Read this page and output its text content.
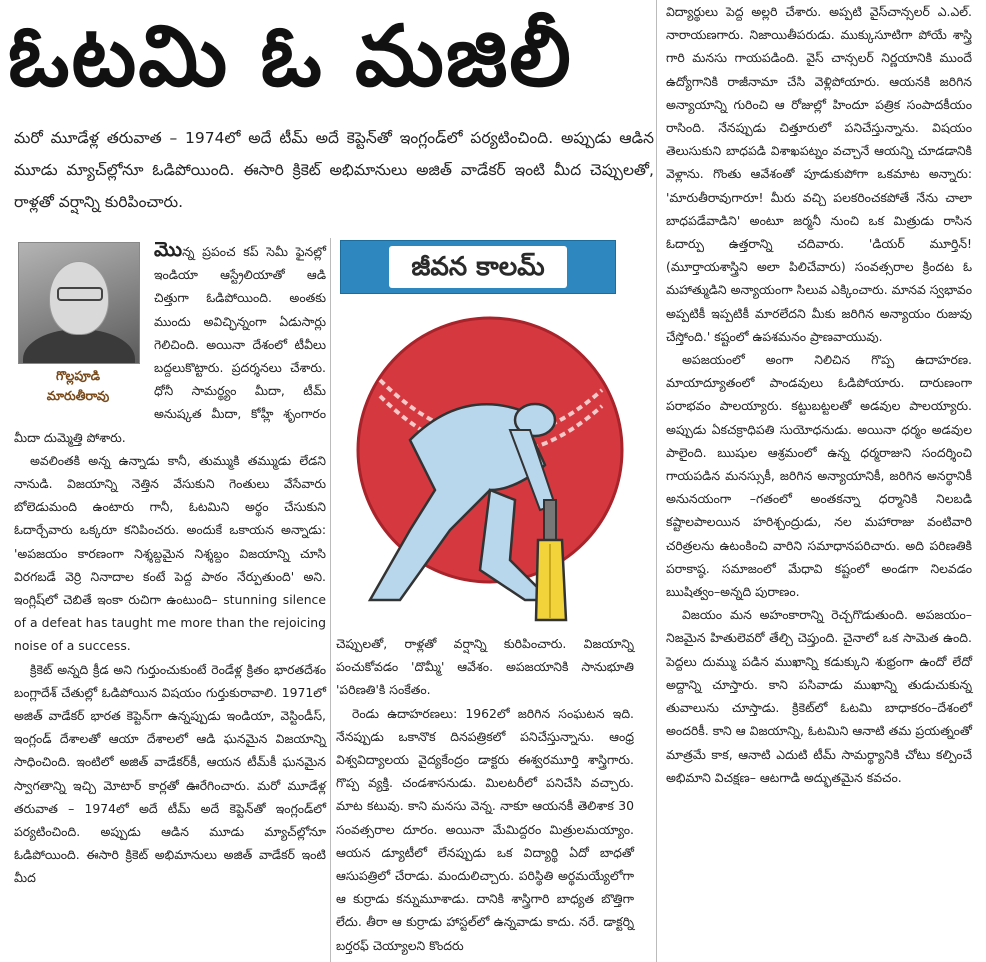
ఓటమి ఓ మజిలీ
మరో మూడేళ్ల తరువాత – 1974లో అదే టీమ్ అదే కెప్టెన్‌తో ఇంగ్లండ్‌లో పర్యటించింది. అప్పుడు ఆడిన మూడు మ్యాచ్‌ల్లోనూ ఓడిపోయింది. ఈసారి క్రికెట్ అభిమానులు అజిత్ వాడేకర్ ఇంటి మీద చెప్పులతో, రాళ్లతో వర్షాన్ని కురిపించారు.
గొల్లపూడి
మారుతీరావు

మొన్న ప్రపంచ కప్ సెమీ ఫైనల్లో ఇండియా ఆస్ట్రేలియాతో ఆడి చిత్తుగా ఓడిపోయింది. అంతకు ముందు అవిచ్ఛిన్నంగా ఏడుసార్లు గెలిచింది. అయినా దేశంలో టీవీలు బద్దలుకొట్టారు. ప్రదర్శనలు చేశారు. ధోనీ సామర్థ్యం మీదా, టీమ్ అనుష్కత మీదా, కోహ్లీ శృంగారం మీదా దుమ్మెత్తి పోశారు.

అవలింతకి అన్న ఉన్నాడు కానీ, తుమ్ముకి తమ్ముడు లేడని నానుడి. విజయాన్ని నెత్తిన వేసుకుని గెంతులు వేసేవారు బోలెడుమంది ఉంటారు గానీ, ఓటమిని అర్థం చేసుకుని ఓదార్చేవారు ఒక్కరూ కనిపించరు. అందుకే ఒకాయన అన్నాడు: 'అపజయం కారణంగా నిశ్శబ్దమైన నిశ్శబ్దం విజయాన్ని చూసి విరగబడే వెర్రి నినాదాల కంటే పెద్ద పాఠం నేర్పుతుంది' అని. ఇంగ్లిష్‌లో చెబితే ఇంకా రుచిగా ఉంటుంది– stunning silence of a defeat has taught me more than the rejoicing noise of a success.

క్రికెట్ అన్నది క్రీడ అని గుర్తుంచుకుంటే రెండేళ్ల క్రితం భారతదేశం బంగ్లాదేశ్ చేతుల్లో ఓడిపోయిన విషయం గుర్తుకురావాలి. 1971లో అజిత్ వాడేకర్ భారత కెప్టెన్‌గా ఉన్నప్పుడు ఇండియా, వెస్టిండీస్, ఇంగ్లండ్ దేశాలతో ఆయా దేశాలలో ఆడి ఘనమైన విజయాన్ని సాధించింది. ఇంటిలో అజిత్ వాడేకర్‌కీ, ఆయన టీమ్‌కీ ఘనమైన స్వాగతాన్ని ఇచ్చి మోటార్ కార్లతో ఊరేగించారు. మరో మూడేళ్ల తరువాత – 1974లో అదే టీమ్ అదే కెప్టెన్‌తో ఇంగ్లండ్‌లో పర్యటించింది. అప్పుడు ఆడిన మూడు మ్యాచ్‌ల్లోనూ ఓడిపోయింది. ఈసారి క్రికెట్ అభిమానులు అజిత్ వాడేకర్ ఇంటి మీద

జీవన కాలమ్

చెప్పులతో, రాళ్లతో వర్షాన్ని కురిపించారు. విజయాన్ని పంచుకోవడం 'దొమ్మీ' ఆవేశం. అపజయానికి సానుభూతి 'పరిణతి'కి సంకేతం.

రెండు ఉదాహరణలు: 1962లో జరిగిన సంఘటన ఇది. నేనప్పుడు ఒకానొక దినపత్రికలో పనిచేస్తున్నాను. ఆంధ్ర విశ్వవిద్యాలయ వైద్యకేంద్రం డాక్టరు ఈశ్వరమూర్తి శాస్త్రిగారు. గొప్ప వ్యక్తి. చండశాసనుడు. మిలటరీలో పనిచేసి వచ్చారు. మాట కటువు. కాని మనసు వెన్న. నాకూ ఆయనకీ తెలిశాక 30 సంవత్సరాల దూరం. అయినా మేమిద్దరం మిత్రులమయ్యాం. ఆయన డ్యూటీలో లేనప్పుడు ఒక విద్యార్థి ఏదో బాధతో ఆసుపత్రిలో చేరాడు. మందులిచ్చారు. పరిస్థితి అర్థమయ్యేలోగా ఆ కుర్రాడు కన్నుమూశాడు. దానికి శాస్త్రిగారి బాధ్యత బొత్తిగా లేదు. తీరా ఆ కుర్రాడు హాస్టల్‌లో ఉన్నవాడు కాదు. నరే. డాక్టర్ని బర్తరఫ్ చెయ్యాలని కొందరు

విద్యార్థులు పెద్ద అల్లరి చేశారు. అప్పటి వైస్‌చాన్సలర్ ఎ.ఎల్. నారాయణగారు. నిజాయితీపరుడు. ముక్కుసూటిగా పోయే శాస్త్రి గారి మనసు గాయపడింది. వైస్ చాన్సలర్ నిర్ణయానికి ముందే ఉద్యోగానికి రాజీనామా చేసి వెళ్లిపోయారు. ఆయనకి జరిగిన అన్యాయాన్ని గురించి ఆ రోజుల్లో హిందూ పత్రిక సంపాదకీయం రాసింది. నేనప్పుడు చిత్తూరులో పనిచేస్తున్నాను. విషయం తెలుసుకుని బాధపడి విశాఖపట్నం వచ్చానే ఆయన్ని చూడడానికి వెళ్లాను. గొంతు ఆవేశంతో పూడుకుపోగా ఒకమాట అన్నారు: 'మారుతీరావుగారూ! మీరు వచ్చి పలకరించకపోతే నేను చాలా బాధపడేవాడిని' అంటూ జర్మనీ నుంచి ఒక మిత్రుడు రాసిన ఓదార్పు ఉత్తరాన్ని చదివారు. 'డియర్ మూర్తిన్! (మూర్తాయశాస్త్రిని అలా పిలిచేవారు) సంవత్సరాల క్రిందట ఓ మహాత్ముడిని అన్యాయంగా సిలువ ఎక్కించారు. మానవ స్వభావం అప్పటికీ ఇప్పటికీ మారలేదని మీకు జరిగిన అన్యాయం రుజువు చేస్తోంది.' కష్టంలో ఉపశమనం ప్రాణవాయువు.

అపజయంలో అంగా నిలిచిన గొప్ప ఉదాహరణ. మాయాద్యూతంలో పాండవులు ఓడిపోయారు. దారుణంగా పరాభవం పాలయ్యారు. కట్టుబట్టలతో అడవుల పాలయ్యారు. అప్పుడు ఏకచక్రాధిపతి సుయోధనుడు. అయినా ధర్మం అడవుల పాలైంది. ఋషుల ఆశ్రమంలో ఉన్న ధర్మరాజుని సందర్శించి గాయపడిన మనస్సుకీ, జరిగిన అన్యాయానికీ, జరిగిన అనర్థానికీ అనునయంగా –గతంలో అంతకన్నా ధర్మానికి నిలబడి కష్టాలపాలయిన హరిశ్చంద్రుడు, నల మహారాజు వంటివారి చరిత్రలను ఉటంకించి వారిని సమాధానపరిచారు. అది పరిణతికి పరాకాష్ఠ. సమాజంలో మేధావి కష్టంలో అండగా నిలవడం ఋషిత్వం–అన్నది పురాణం.

విజయం మన అహంకారాన్ని రెచ్చగొడుతుంది. అపజయం–నిజమైన హితులెవరో తేల్చి చెప్తుంది. చైనాలో ఒక సామెత ఉంది. పెద్దలు దుమ్ము పడిన ముఖాన్ని కడుక్కుని శుభ్రంగా ఉందో లేదో అద్దాన్ని చూస్తారు. కాని పసివాడు ముఖాన్ని తుడుచుకున్న తువాలును చూస్తాడు. క్రికెట్‌లో ఓటమి బాధాకరం–దేశంలో అందరికీ. కాని ఆ విజయాన్ని, ఓటమిని ఆనాటి తమ ప్రయత్నంతో మాత్రమే కాక, ఆనాటి ఎదుటి టీమ్ సామర్థ్యానికి చోటు కల్పించే అభిమాని విచక్షణ– ఆటగాడి అద్భుతమైన కవచం.
